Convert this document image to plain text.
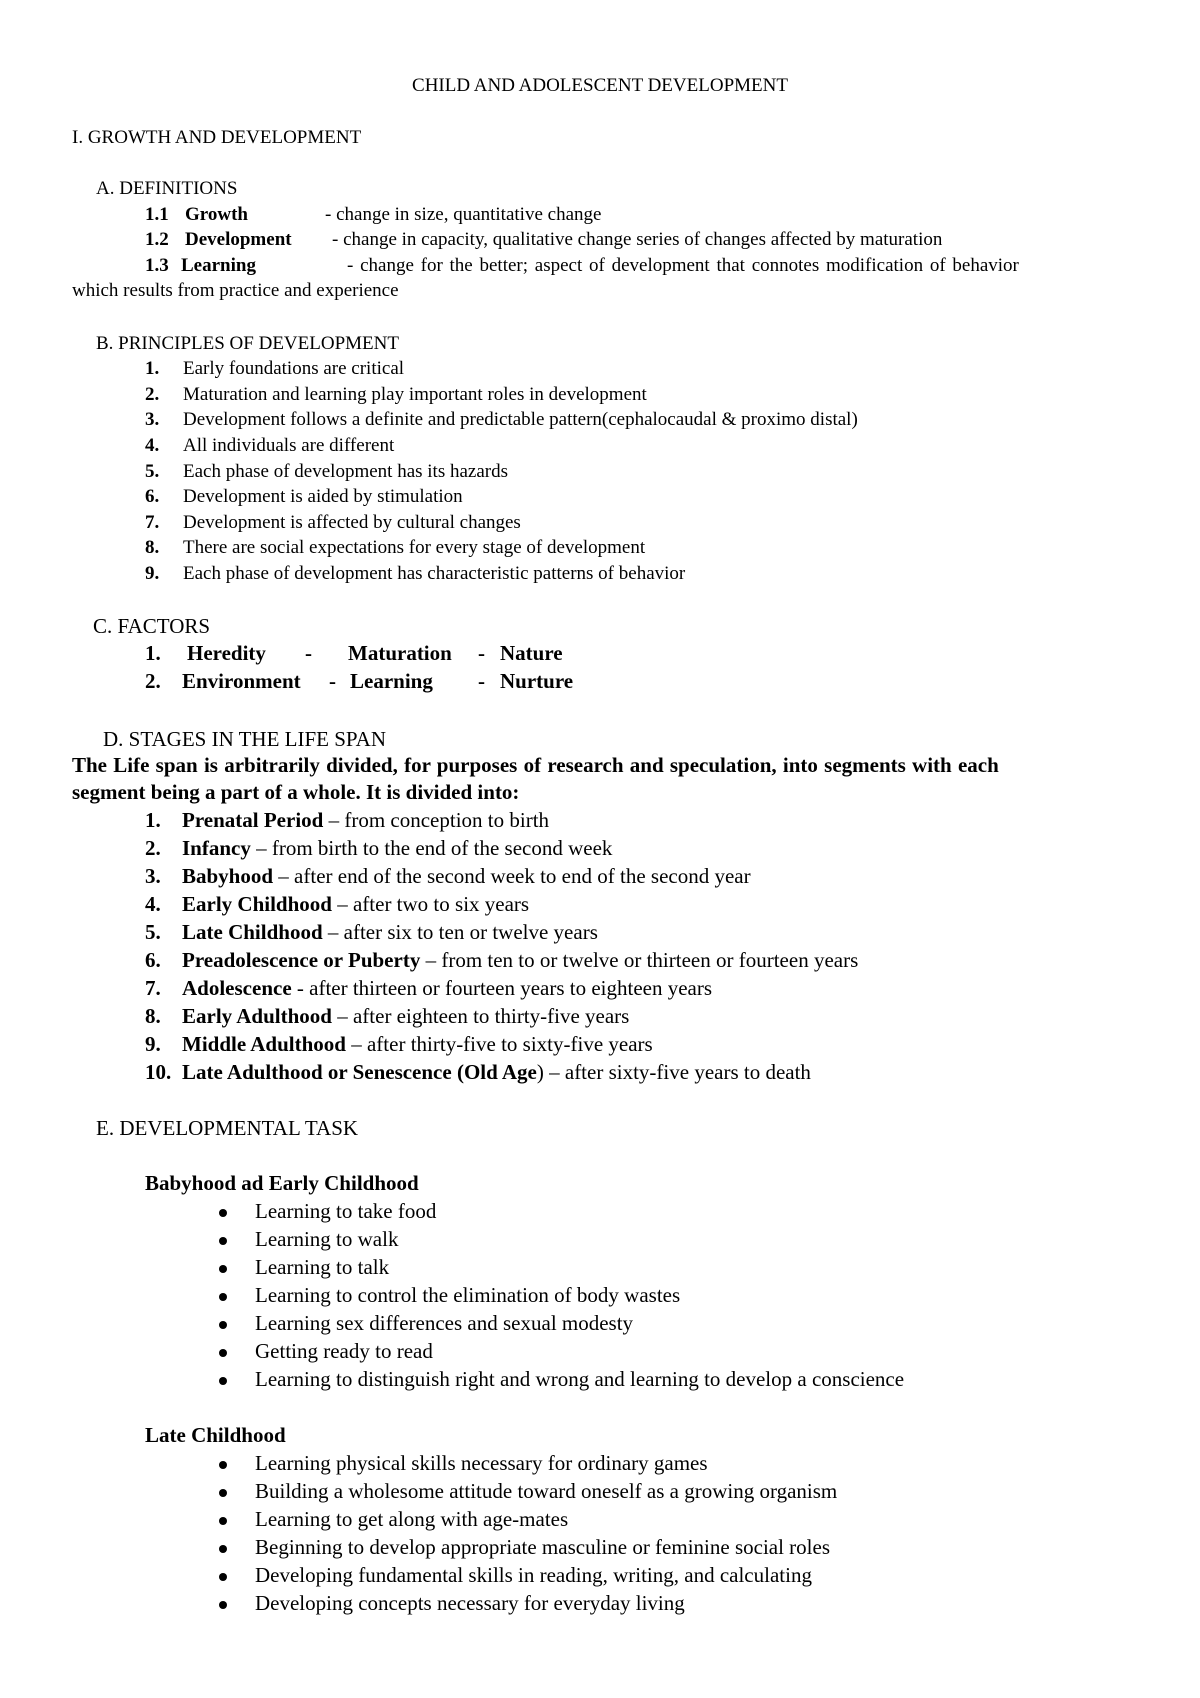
CHILD AND ADOLESCENT DEVELOPMENT
I. GROWTH AND DEVELOPMENT
A. DEFINITIONS
1.1 Growth	- change in size, quantitative change
1.2 Development - change in capacity, qualitative change series of changes affected by maturation
1.3 Learning	- change for the better; aspect of development that connotes modification of behavior
which results from practice and experience
B. PRINCIPLES OF DEVELOPMENT
1. Early foundations are critical
2. Maturation and learning play important roles in development
3. Development follows a definite and predictable pattern(cephalocaudal & proximo distal)
4. All individuals are different
5. Each phase of development has its hazards
6. Development is aided by stimulation
7. Development is affected by cultural changes
8. There are social expectations for every stage of development
9. Each phase of development has characteristic patterns of behavior
C. FACTORS
1. Heredity - Maturation - Nature
2. Environment - Learning - Nurture
D. STAGES IN THE LIFE SPAN
The Life span is arbitrarily divided, for purposes of research and speculation, into segments with each
segment being a part of a whole. It is divided into:
1. Prenatal Period – from conception to birth
2. Infancy – from birth to the end of the second week
3. Babyhood – after end of the second week to end of the second year
4. Early Childhood – after two to six years
5. Late Childhood – after six to ten or twelve years
6. Preadolescence or Puberty – from ten to or twelve or thirteen or fourteen years
7. Adolescence - after thirteen or fourteen years to eighteen years
8. Early Adulthood – after eighteen to thirty-five years
9. Middle Adulthood – after thirty-five to sixty-five years
10. Late Adulthood or Senescence (Old Age) – after sixty-five years to death
E. DEVELOPMENTAL TASK
Babyhood ad Early Childhood
Learning to take food
Learning to walk
Learning to talk
Learning to control the elimination of body wastes
Learning sex differences and sexual modesty
Getting ready to read
Learning to distinguish right and wrong and learning to develop a conscience
Late Childhood
Learning physical skills necessary for ordinary games
Building a wholesome attitude toward oneself as a growing organism
Learning to get along with age-mates
Beginning to develop appropriate masculine or feminine social roles
Developing fundamental skills in reading, writing, and calculating
Developing concepts necessary for everyday living
